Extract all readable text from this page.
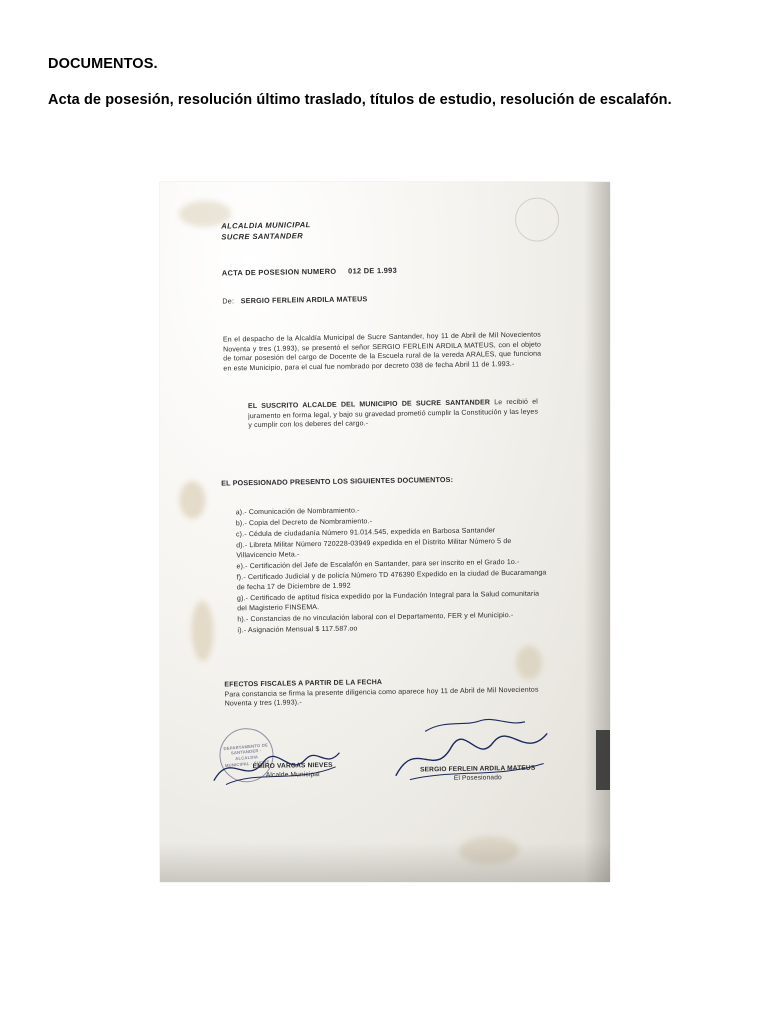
DOCUMENTOS.

Acta de posesión, resolución último traslado, títulos de estudio, resolución de escalafón.

ALCALDIA MUNICIPAL
SUCRE SANTANDER
ACTA DE POSESION NUMERO 012 DE 1.993
De: SERGIO FERLEIN ARDILA MATEUS
En el despacho de la Alcaldía Municipal de Sucre Santander, hoy 11 de Abril de Mil Novecientos Noventa y tres (1.993), se presentó el señor SERGIO FERLEIN ARDILA MATEUS, con el objeto de tomar posesión del cargo de Docente de la Escuela rural de la vereda ARALES, que funciona en este Municipio, para el cual fue nombrado por decreto 038 de fecha Abril 11 de 1.993.-
EL SUSCRITO ALCALDE DEL MUNICIPIO DE SUCRE SANTANDER Le recibió el juramento en forma legal, y bajo su gravedad prometió cumplir la Constitución y las leyes y cumplir con los deberes del cargo.-
EL POSESIONADO PRESENTO LOS SIGUIENTES DOCUMENTOS:
a).- Comunicación de Nombramiento.-
b).- Copia del Decreto de Nombramiento.-
c).- Cédula de ciudadanía Número 91.014.545, expedida en Barbosa Santander
d).- Libreta Militar Número 720228-03949 expedida en el Distrito Militar Número 5 de Villavicencio Meta.-
e).- Certificación del Jefe de Escalafón en Santander, para ser inscrito en el Grado 1o.-
f).- Certificado Judicial y de policía Número TD 476390 Expedido en la ciudad de Bucaramanga de fecha 17 de Diciembre de 1.992
g).- Certificado de aptitud física expedido por la Fundación Integral para la Salud comunitaria del Magisterio FINSEMA.
h).- Constancias de no vinculación laboral con el Departamento, FER y el Municipio.-
i).- Asignación Mensual $ 117.587.oo
EFECTOS FISCALES A PARTIR DE LA FECHA
Para constancia se firma la presente diligencia como aparece hoy 11 de Abril de Mil Novecientos Noventa y tres (1.993).-
DEPARTAMENTO DE SANTANDER · ALCALDIA MUNICIPAL · SUCRE
EMIRO VARGAS NIEVES
Alcalde Municipal
SERGIO FERLEIN ARDILA MATEUS
El Posesionado
